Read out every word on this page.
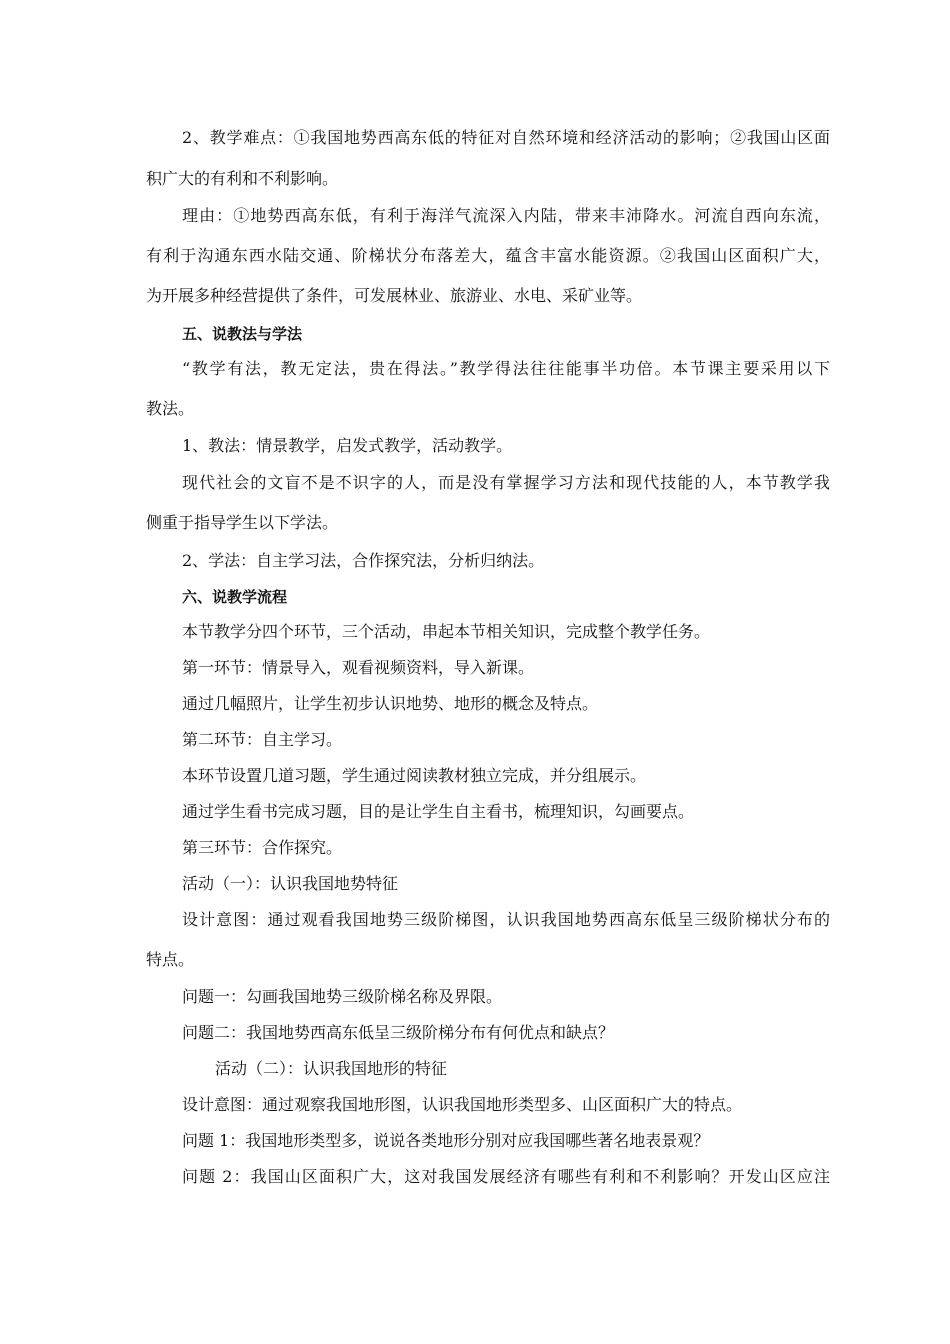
2、教学难点：①我国地势西高东低的特征对自然环境和经济活动的影响；②我国山区面
积广大的有利和不利影响。
理由：①地势西高东低，有利于海洋气流深入内陆，带来丰沛降水。河流自西向东流，
有利于沟通东西水陆交通、阶梯状分布落差大，蕴含丰富水能资源。②我国山区面积广大，
为开展多种经营提供了条件，可发展林业、旅游业、水电、采矿业等。
五、说教法与学法
“教学有法，教无定法，贵在得法。”教学得法往往能事半功倍。本节课主要采用以下
教法。
1、教法：情景教学，启发式教学，活动教学。
现代社会的文盲不是不识字的人，而是没有掌握学习方法和现代技能的人，本节教学我
侧重于指导学生以下学法。
2、学法：自主学习法，合作探究法，分析归纳法。
六、说教学流程
本节教学分四个环节，三个活动，串起本节相关知识，完成整个教学任务。
第一环节：情景导入，观看视频资料，导入新课。
通过几幅照片，让学生初步认识地势、地形的概念及特点。
第二环节：自主学习。
本环节设置几道习题，学生通过阅读教材独立完成，并分组展示。
通过学生看书完成习题，目的是让学生自主看书，梳理知识，勾画要点。
第三环节：合作探究。
活动（一）：认识我国地势特征
设计意图：通过观看我国地势三级阶梯图，认识我国地势西高东低呈三级阶梯状分布的
特点。
问题一：勾画我国地势三级阶梯名称及界限。
问题二：我国地势西高东低呈三级阶梯分布有何优点和缺点？
活动（二）：认识我国地形的特征
设计意图：通过观察我国地形图，认识我国地形类型多、山区面积广大的特点。
问题 1：我国地形类型多，说说各类地形分别对应我国哪些著名地表景观？
问题 2：我国山区面积广大，这对我国发展经济有哪些有利和不利影响？开发山区应注
